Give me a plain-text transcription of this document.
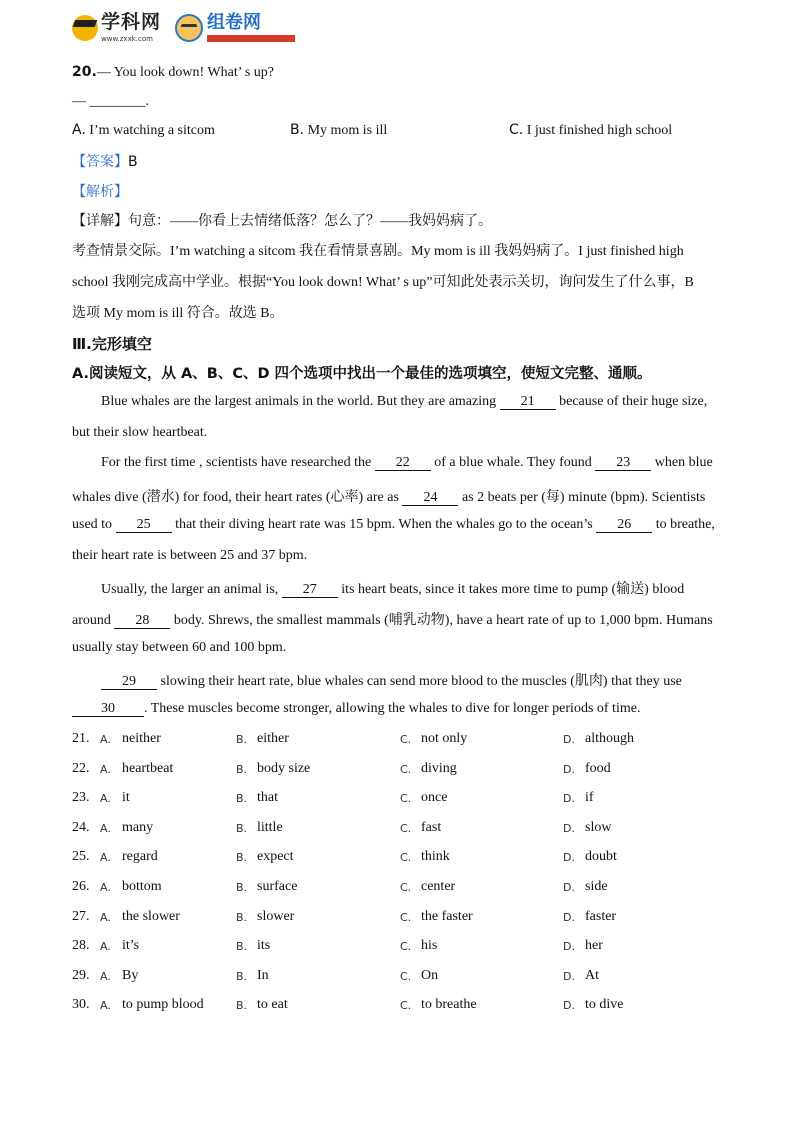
学科网
www.zxxk.com
组卷网
20.— You look down! What’ s up?
— ________.
A. I’m watching a sitcom	B. My mom is ill	C. I just finished high school
【答案】B
【解析】
【详解】句意：——你看上去情绪低落？怎么了？——我妈妈病了。
考查情景交际。I’m watching a sitcom 我在看情景喜剧。My mom is ill 我妈妈病了。I just finished high
school 我刚完成高中学业。根据“You look down! What’ s up”可知此处表示关切，询问发生了什么事，B
选项 My mom is ill 符合。故选 B。
Ⅲ.完形填空
A.阅读短文，从 A、B、C、D 四个选项中找出一个最佳的选项填空，使短文完整、通顺。
Blue whales are the largest animals in the world. But they are amazing 21 because of their huge size,
but their slow heartbeat.
For the first time , scientists have researched the 22 of a blue whale. They found 23 when blue
whales dive (潜水) for food, their heart rates (心率) are as 24 as 2 beats per (每) minute (bpm). Scientists
used to 25 that their diving heart rate was 15 bpm. When the whales go to the ocean’s 26 to breathe,
their heart rate is between 25 and 37 bpm.
Usually, the larger an animal is, 27 its heart beats, since it takes more time to pump (输送) blood
around 28 body. Shrews, the smallest mammals (哺乳动物), have a heart rate of up to 1,000 bpm. Humans
usually stay between 60 and 100 bpm.
29 slowing their heart rate, blue whales can send more blood to the muscles (肌肉) that they use
30 . These muscles become stronger, allowing the whales to dive for longer periods of time.
21. A. neither	B. either	C. not only	D. although
22. A. heartbeat	B. body size	C. diving	D. food
23. A. it	B. that	C. once	D. if
24. A. many	B. little	C. fast	D. slow
25. A. regard	B. expect	C. think	D. doubt
26. A. bottom	B. surface	C. center	D. side
27. A. the slower	B. slower	C. the faster	D. faster
28. A. it’s	B. its	C. his	D. her
29. A. By	B. In	C. On	D. At
30. A. to pump blood	B. to eat	C. to breathe	D. to dive
